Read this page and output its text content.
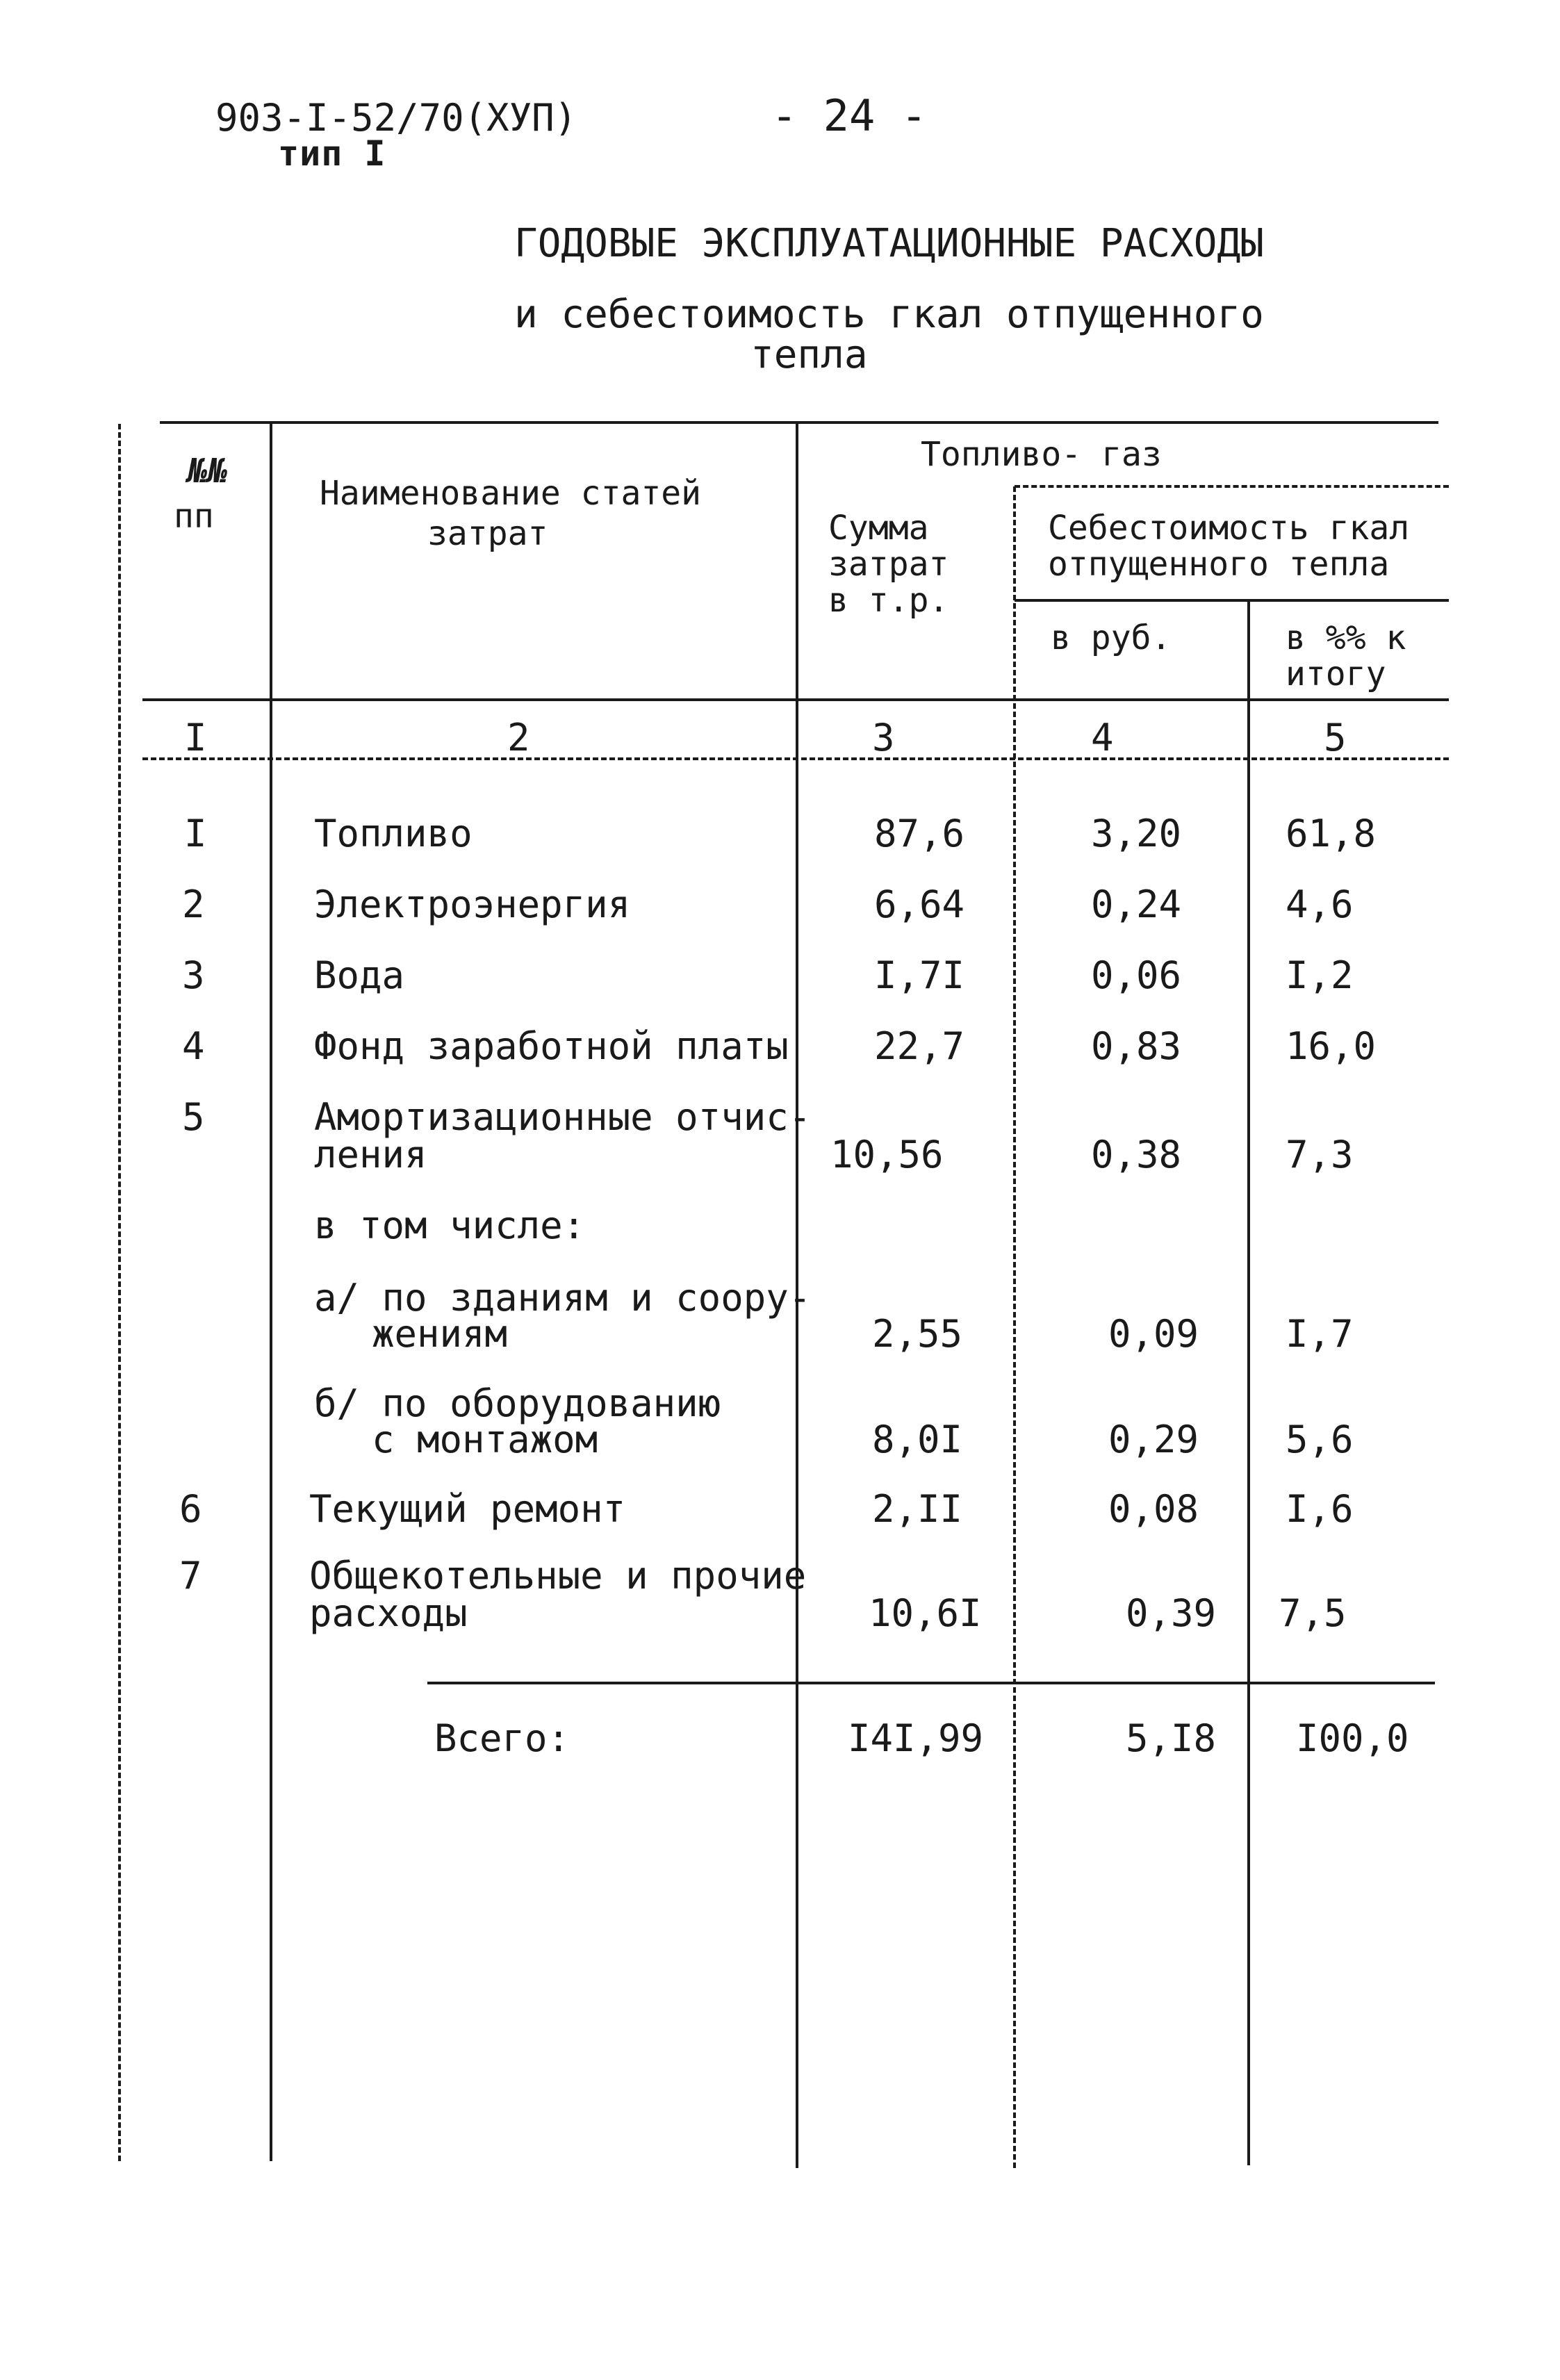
903-I-52/70(ХУП)
тип I
- 24 -
ГОДОВЫЕ ЭКСПЛУАТАЦИОННЫЕ РАСХОДЫ
и себестоимость гкал отпущенного
тепла
№№
пп
Наименование статей
затрат
Топливо- газ
Сумма
затрат
в т.р.
Себестоимость гкал
отпущенного тепла
в руб.	в %% к
итогу
I	2	3	4	5
I	Топливо	87,6	3,20	61,8
2	Электроэнергия	6,64	0,24	4,6
3	Вода	I,7I	0,06	I,2
4	Фонд заработной платы 22,7	0,83	16,0
5	Амортизационные отчис-
ления	10,56	0,38	7,3
в том числе:
а/ по зданиям и соору-
жениям	2,55	0,09 I,7
б/ по оборудованию
с монтажом	8,0I	0,29 5,6
6	Текущий ремонт	2,II	0,08 I,6
7	Общекотельные и прочие
расходы	10,6I	0,39 7,5
Всего:	I4I,99	5,I8 I00,0
